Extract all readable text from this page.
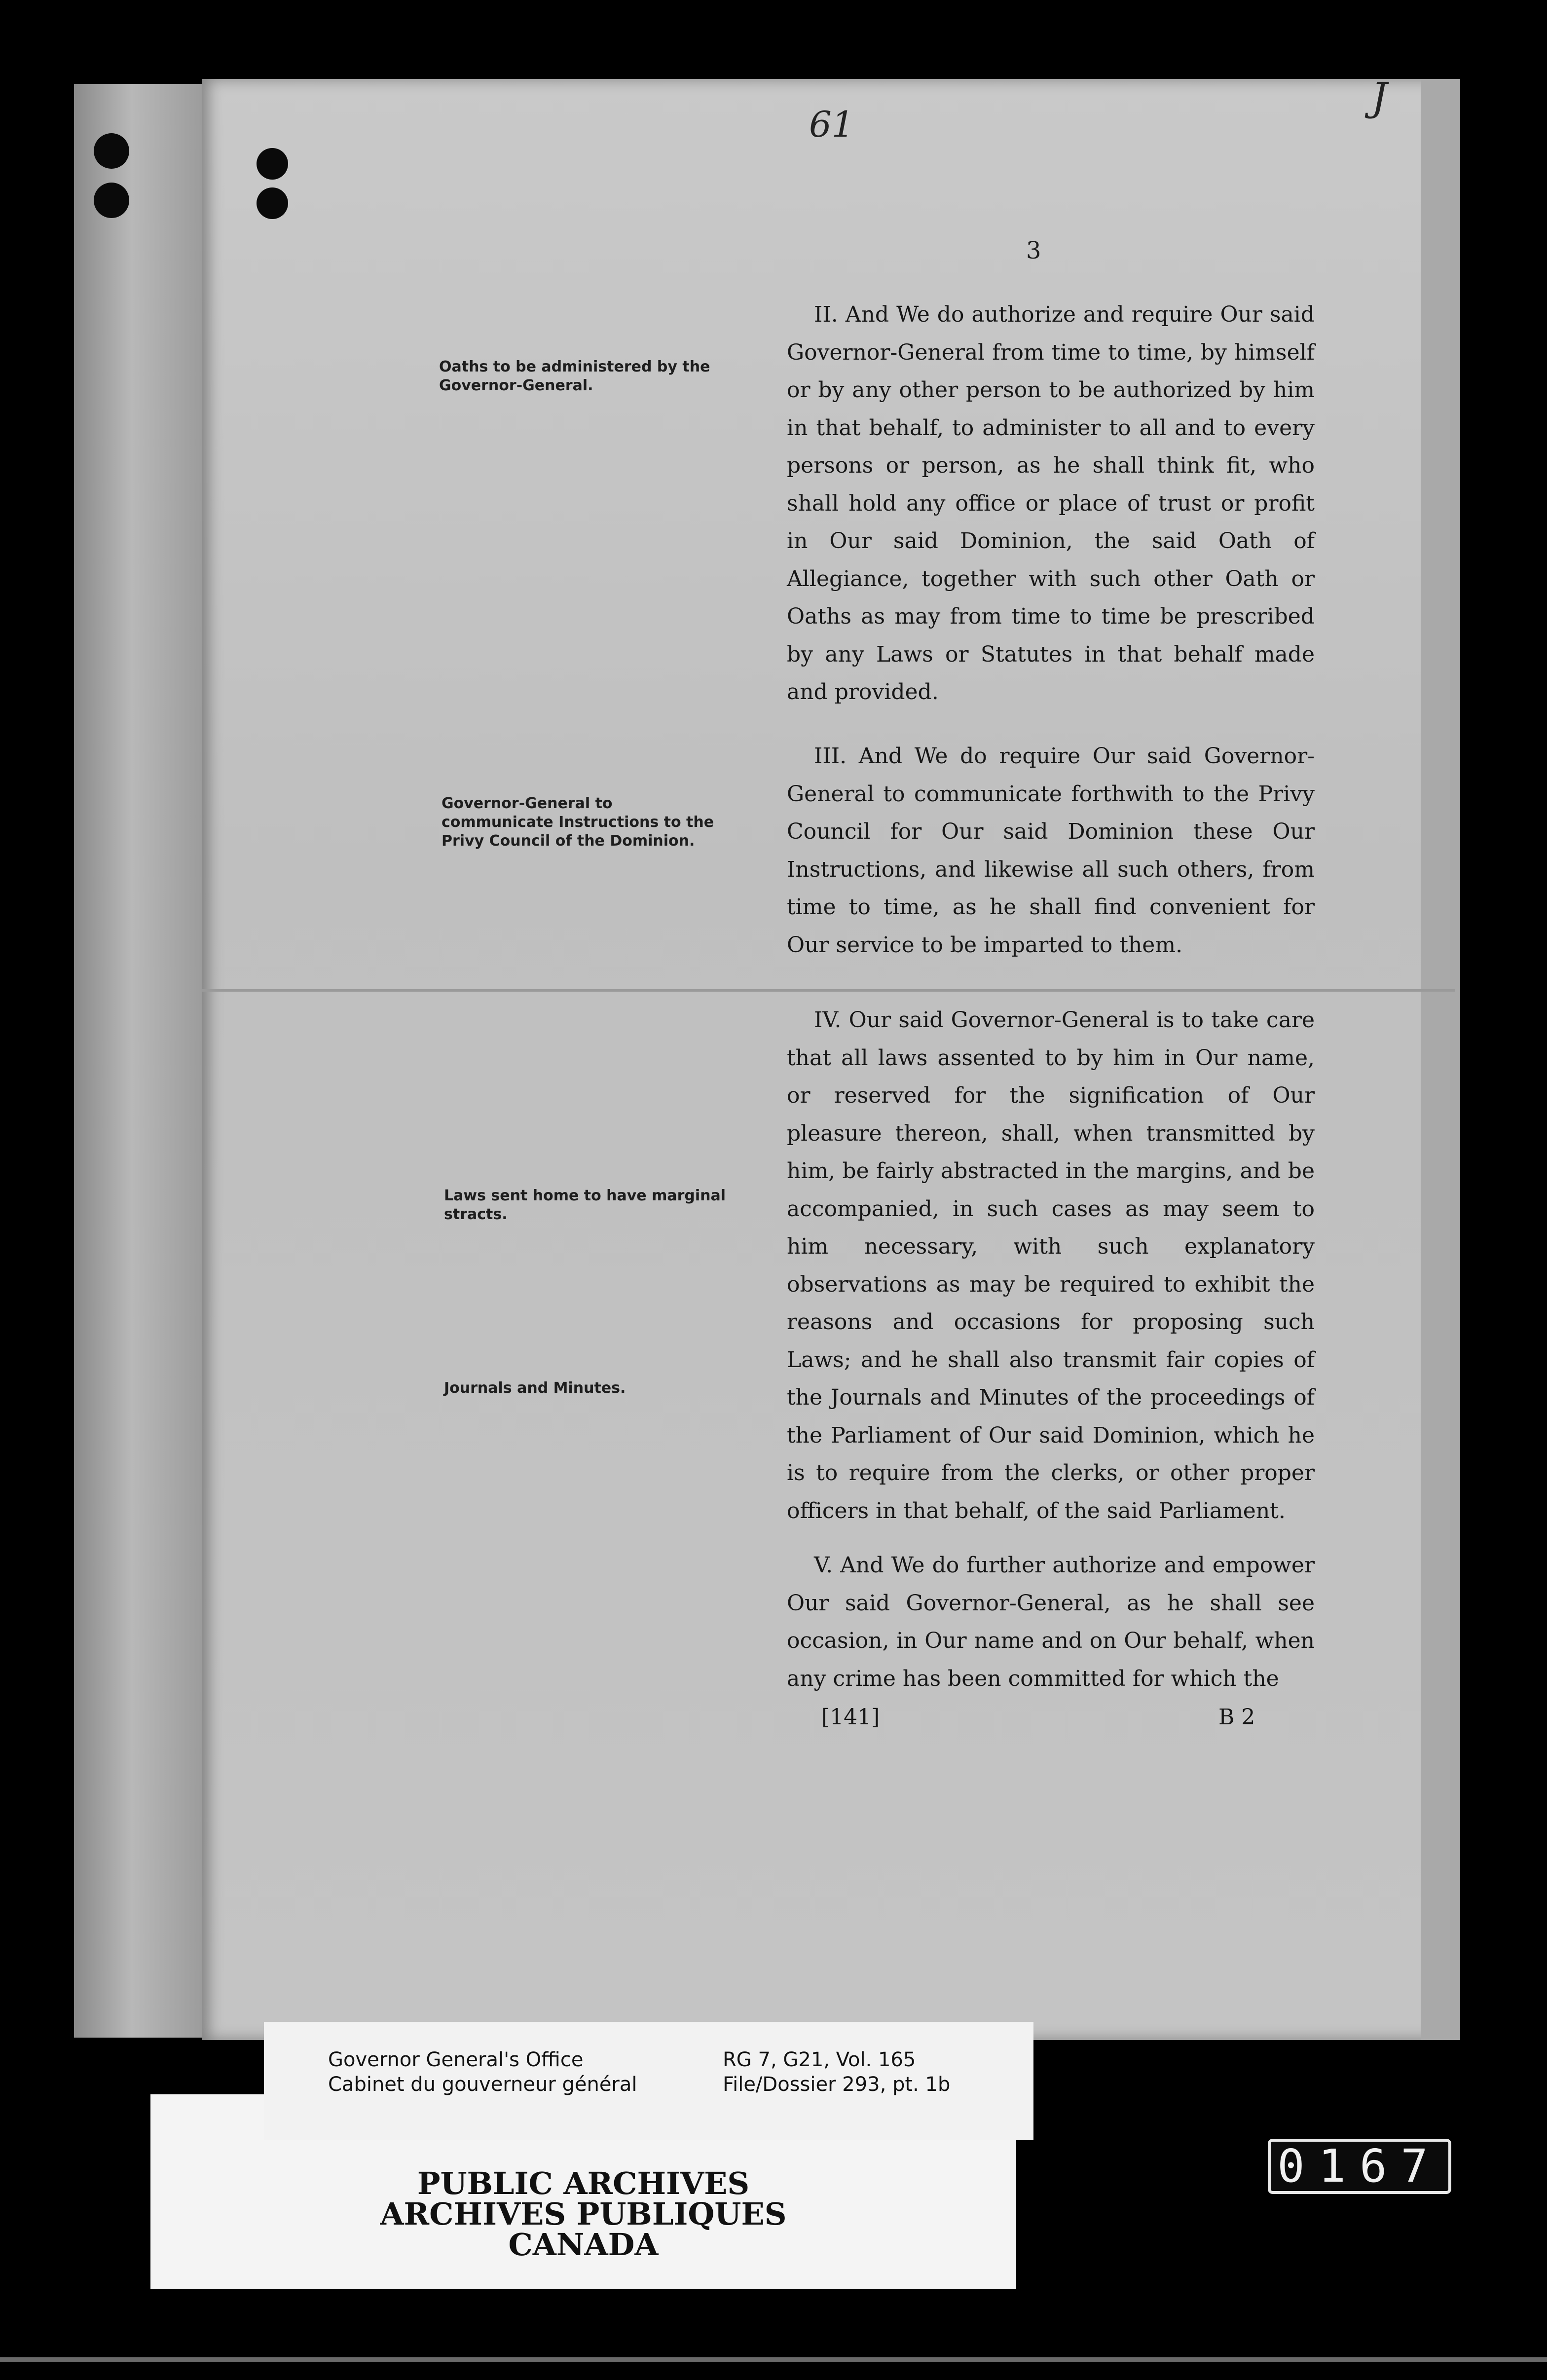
61
J
3
Oaths to be administered by the Governor-General.
Governor-General to communicate Instructions to the Privy Council of the Dominion.
Laws sent home to have marginal stracts.
Journals and Minutes.
II. And We do authorize and require Our said Governor-General from time to time, by himself or by any other person to be authorized by him in that behalf, to administer to all and to every persons or person, as he shall think fit, who shall hold any office or place of trust or profit in Our said Dominion, the said Oath of Allegiance, together with such other Oath or Oaths as may from time to time be prescribed by any Laws or Statutes in that behalf made and provided.
III. And We do require Our said Governor-General to communicate forthwith to the Privy Council for Our said Dominion these Our Instructions, and likewise all such others, from time to time, as he shall find convenient for Our service to be imparted to them.
IV. Our said Governor-General is to take care that all laws assented to by him in Our name, or reserved for the signification of Our pleasure thereon, shall, when transmitted by him, be fairly abstracted in the margins, and be accompanied, in such cases as may seem to him necessary, with such explanatory observations as may be required to exhibit the reasons and occasions for proposing such Laws; and he shall also transmit fair copies of the Journals and Minutes of the proceedings of the Parliament of Our said Dominion, which he is to require from the clerks, or other proper officers in that behalf, of the said Parliament.
V. And We do further authorize and empower Our said Governor-General, as he shall see occasion, in Our name and on Our behalf, when any crime has been committed for which the
[141]	B 2
PUBLIC ARCHIVES
ARCHIVES PUBLIQUES
CANADA
Governor General's Office
Cabinet du gouverneur général
RG 7, G21, Vol. 165
File/Dossier 293, pt. 1b
0167
